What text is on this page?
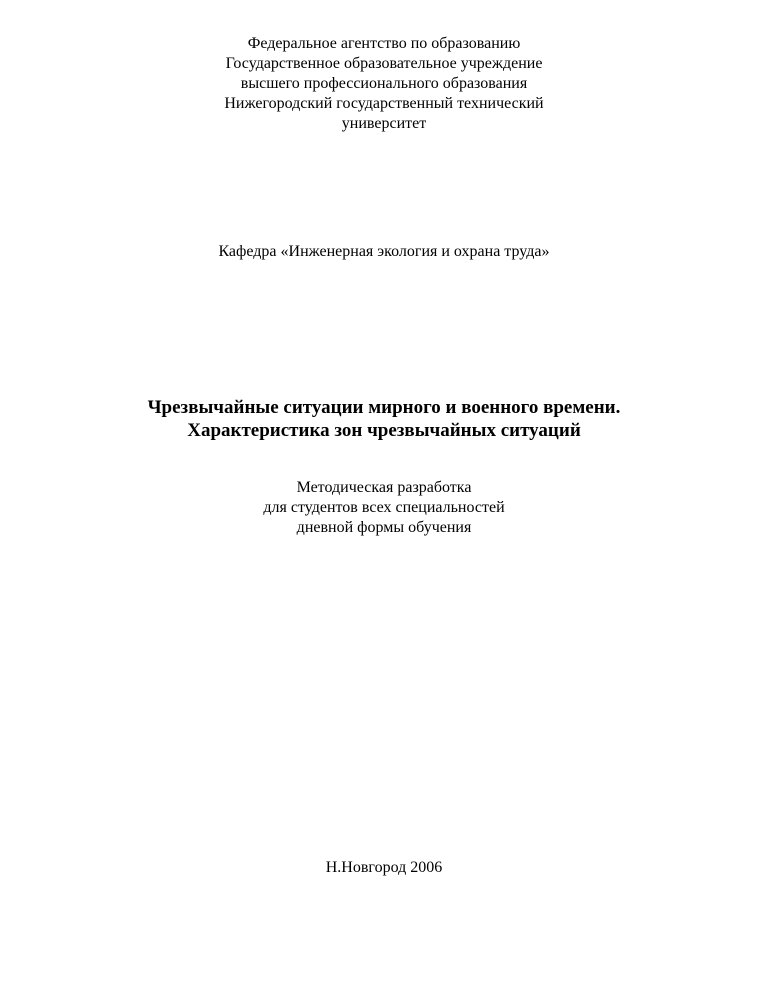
Федеральное агентство по образованию
Государственное образовательное учреждение
высшего профессионального образования
Нижегородский государственный технический
университет
Кафедра «Инженерная экология и охрана труда»
Чрезвычайные ситуации мирного и военного времени.
Характеристика зон чрезвычайных ситуаций
Методическая разработка
для студентов всех специальностей
дневной формы обучения
Н.Новгород 2006
